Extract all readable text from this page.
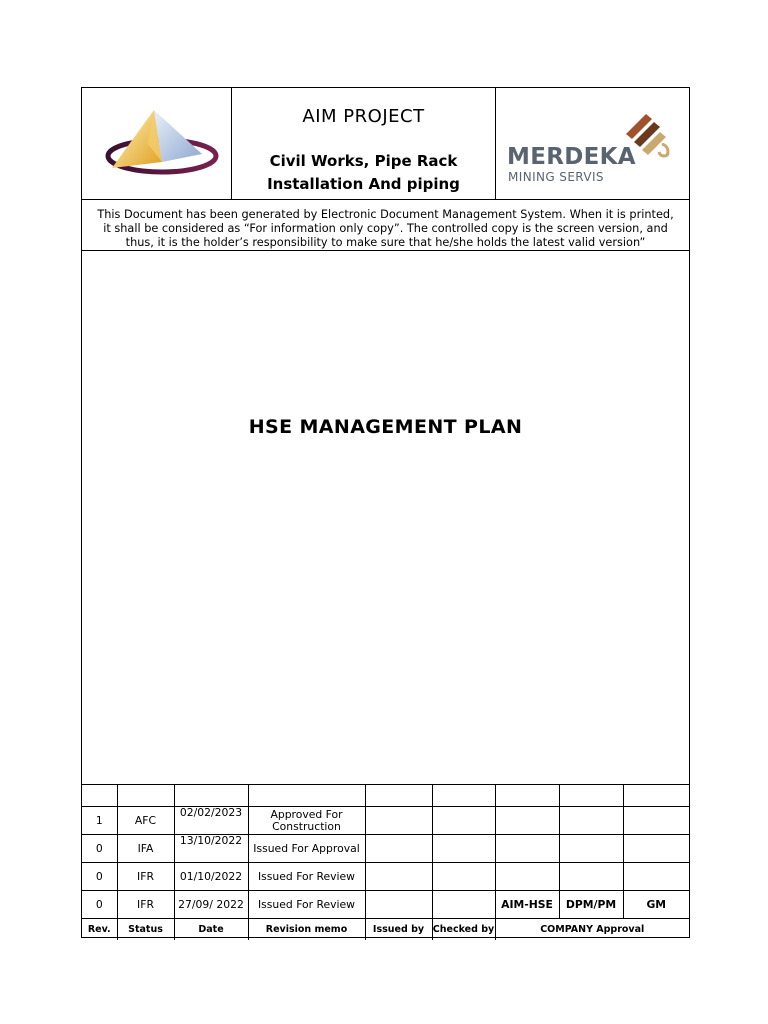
AIM PROJECT
Civil Works, Pipe Rack
Installation And piping
MERDEKA
MINING SERVIS
This Document has been generated by Electronic Document Management System. When it is printed,
it shall be considered as “For information only copy”. The controlled copy is the screen version, and
thus, it is the holder’s responsibility to make sure that he/she holds the latest valid version”
HSE MANAGEMENT PLAN

1	AFC	02/02/2023	Approved For Construction					
0	IFA	13/10/2022	Issued For Approval					
0	IFR	01/10/2022	Issued For Review					
0	IFR	27/09/ 2022	Issued For Review			AIM-HSE	DPM/PM	GM
Rev.	Status	Date	Revision memo	Issued by	Checked by	COMPANY Approval		
